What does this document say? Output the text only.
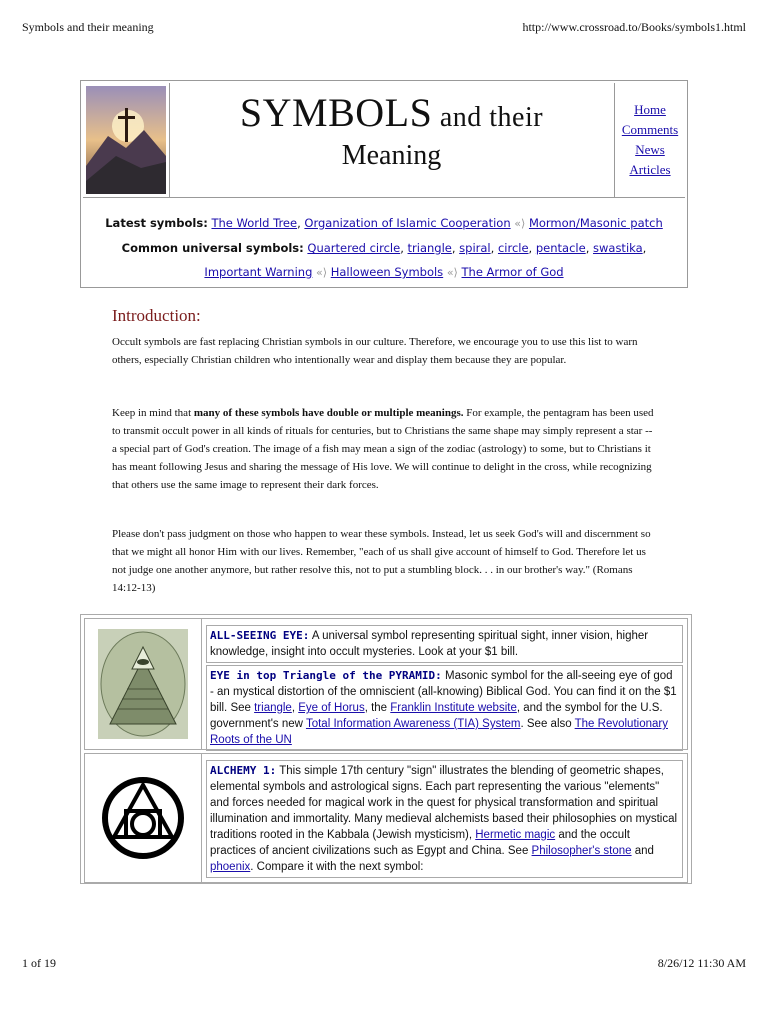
Symbols and their meaning	http://www.crossroad.to/Books/symbols1.html
SYMBOLS and their
Meaning
Home
Comments
News
Articles
Latest symbols: The World Tree, Organization of Islamic Cooperation «⟩ Mormon/Masonic patch
Common universal symbols: Quartered circle, triangle, spiral, circle, pentacle, swastika,
Important Warning «⟩ Halloween Symbols «⟩ The Armor of God
Introduction:
Occult symbols are fast replacing Christian symbols in our culture. Therefore, we encourage you to use this list to warn others, especially Christian children who intentionally wear and display them because they are popular.
Keep in mind that many of these symbols have double or multiple meanings. For example, the pentagram has been used to transmit occult power in all kinds of rituals for centuries, but to Christians the same shape may simply represent a star -- a special part of God's creation. The image of a fish may mean a sign of the zodiac (astrology) to some, but to Christians it has meant following Jesus and sharing the message of His love. We will continue to delight in the cross, while recognizing that others use the same image to represent their dark forces.
Please don't pass judgment on those who happen to wear these symbols. Instead, let us seek God's will and discernment so that we might all honor Him with our lives. Remember, "each of us shall give account of himself to God. Therefore let us not judge one another anymore, but rather resolve this, not to put a stumbling block. . . in our brother's way." (Romans 14:12-13)
ALL-SEEING EYE: A universal symbol representing spiritual sight, inner vision, higher knowledge, insight into occult mysteries. Look at your $1 bill.
EYE in top Triangle of the PYRAMID: Masonic symbol for the all-seeing eye of god - an mystical distortion of the omniscient (all-knowing) Biblical God. You can find it on the $1 bill. See triangle, Eye of Horus, the Franklin Institute website, and the symbol for the U.S. government's new Total Information Awareness (TIA) System. See also The Revolutionary Roots of the UN
ALCHEMY 1: This simple 17th century "sign" illustrates the blending of geometric shapes, elemental symbols and astrological signs. Each part representing the various "elements" and forces needed for magical work in the quest for physical transformation and spiritual illumination and immortality. Many medieval alchemists based their philosophies on mystical traditions rooted in the Kabbala (Jewish mysticism), Hermetic magic and the occult practices of ancient civilizations such as Egypt and China. See Philosopher's stone and phoenix. Compare it with the next symbol:
1 of 19	8/26/12 11:30 AM
